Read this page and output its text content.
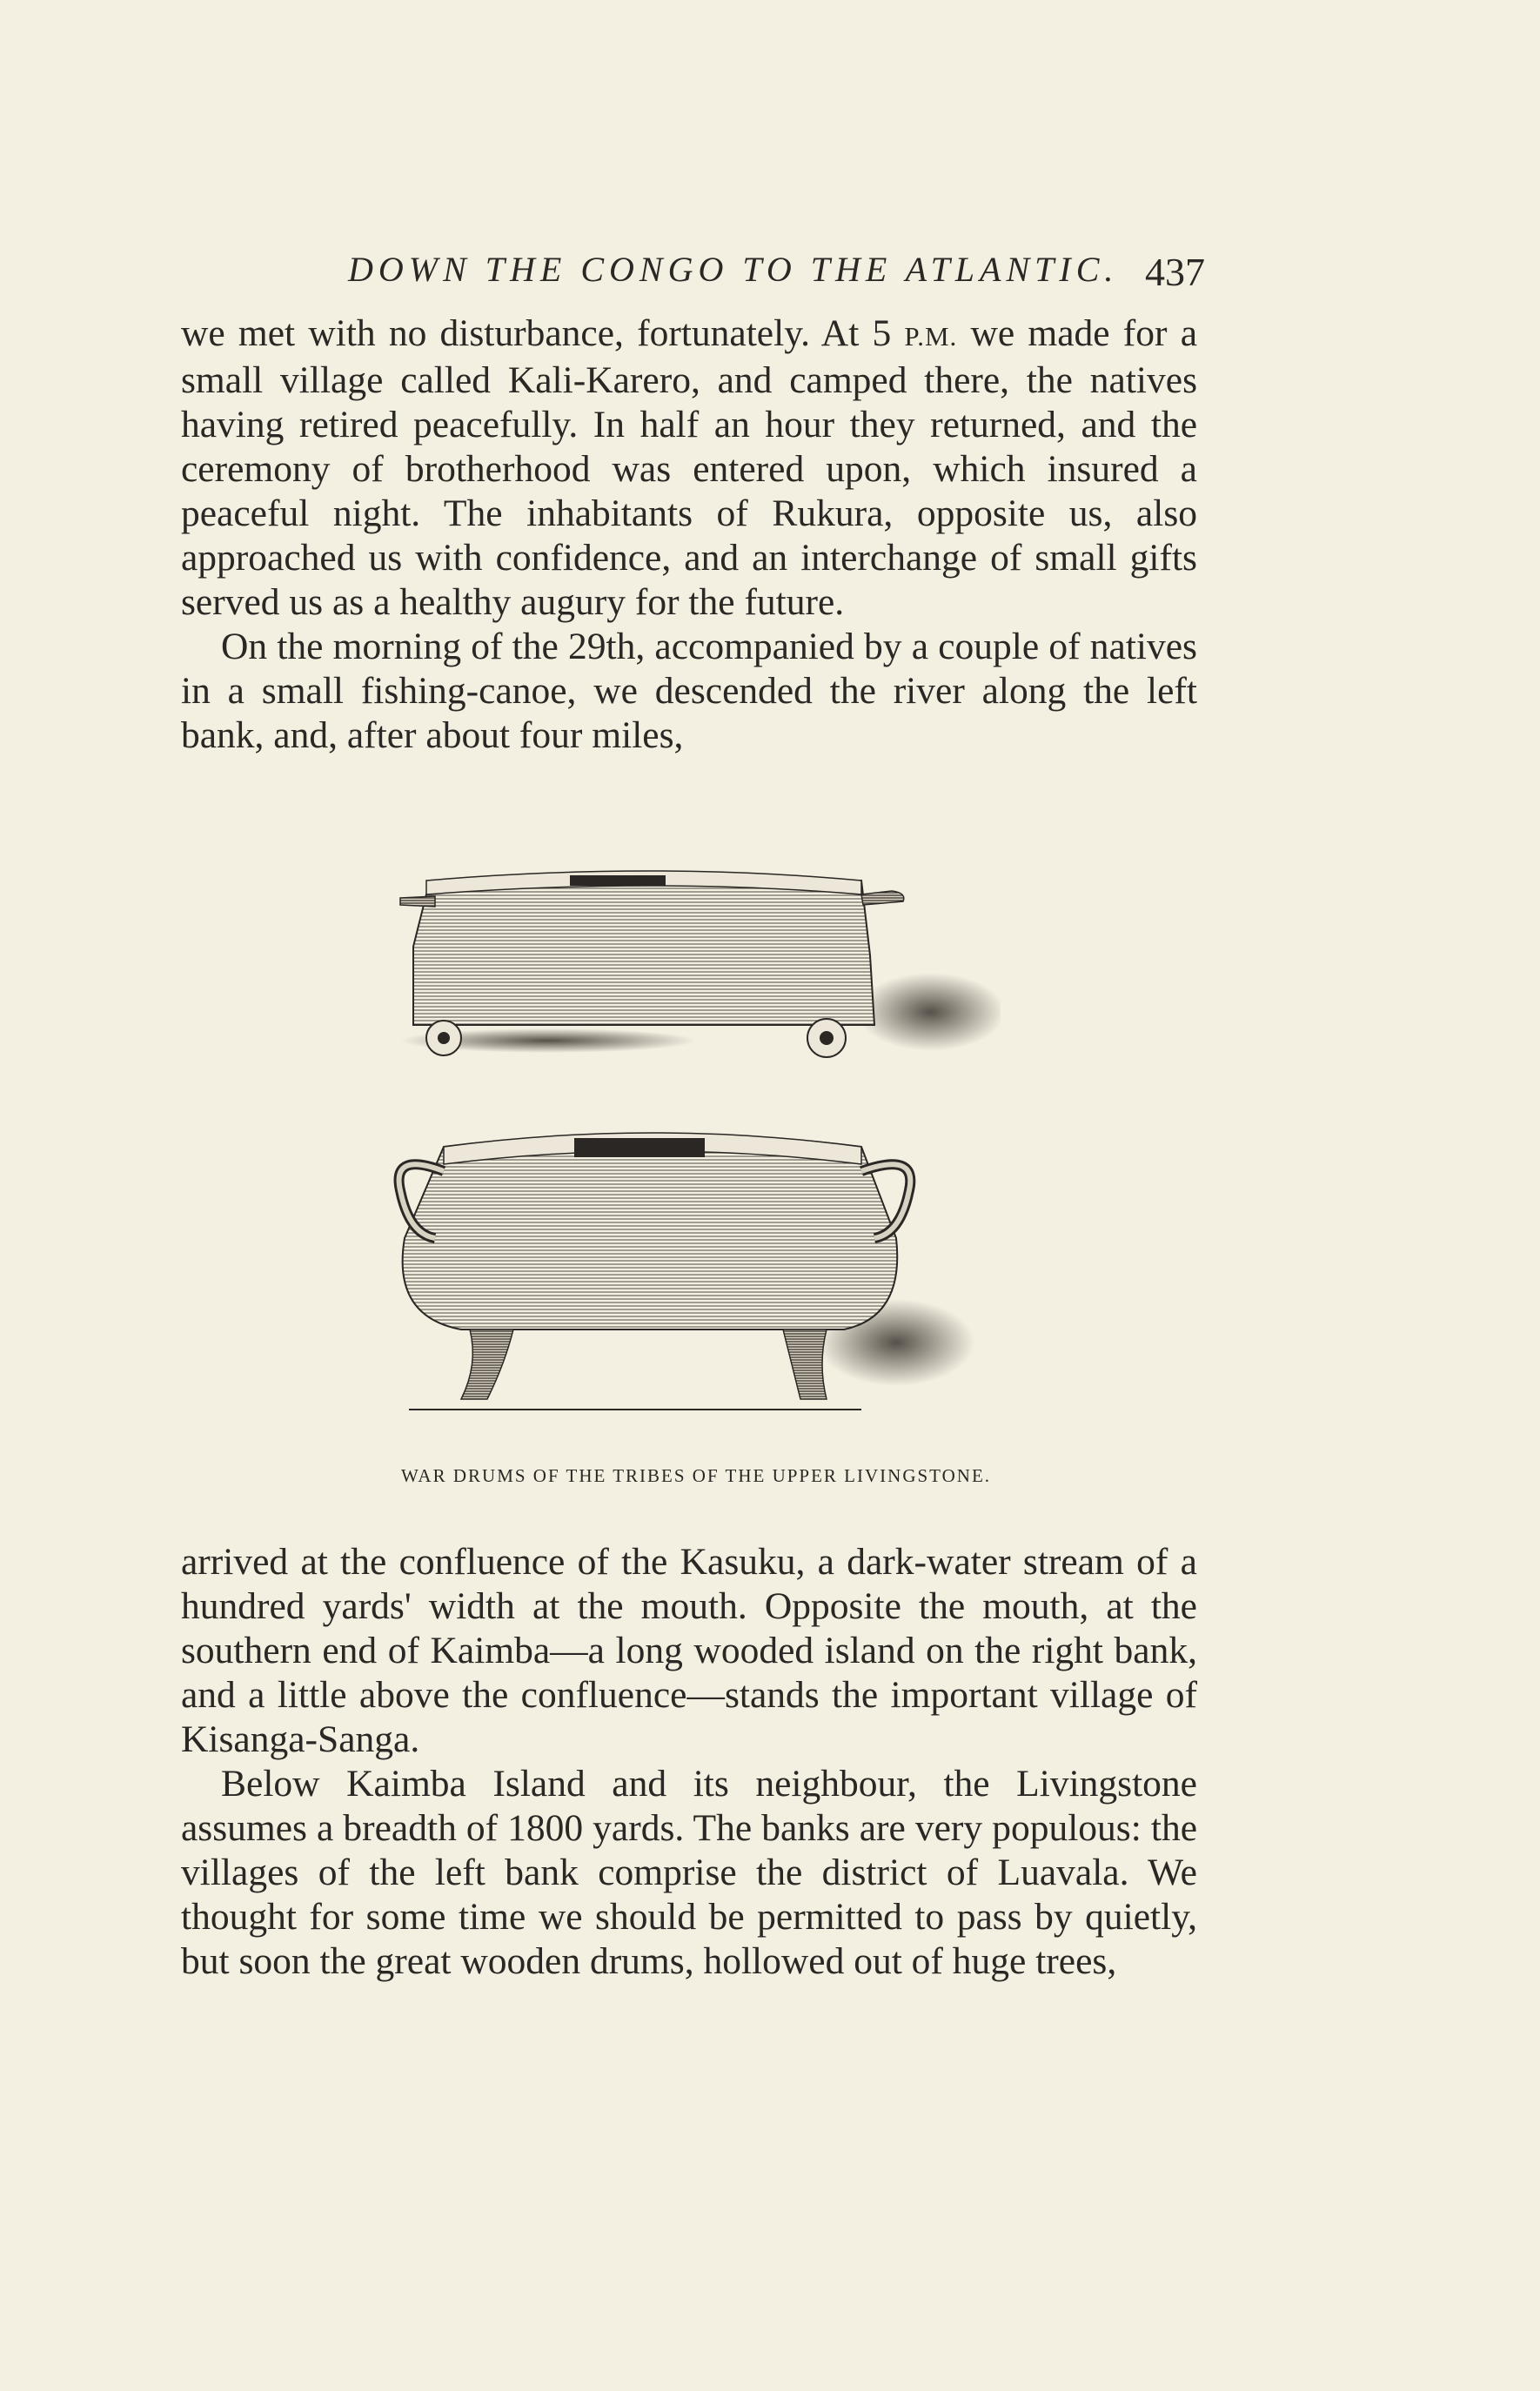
DOWN THE CONGO TO THE ATLANTIC. 437

we met with no disturbance, fortunately. At 5 P.M. we made for a small village called Kali-Karero, and camped there, the natives having retired peacefully. In half an hour they returned, and the ceremony of brotherhood was entered upon, which insured a peaceful night. The inhabitants of Rukura, opposite us, also approached us with confidence, and an interchange of small gifts served us as a healthy augury for the future.

On the morning of the 29th, accompanied by a couple of natives in a small fishing-canoe, we descended the river along the left bank, and, after about four miles,

WAR DRUMS OF THE TRIBES OF THE UPPER LIVINGSTONE.

arrived at the confluence of the Kasuku, a dark-water stream of a hundred yards' width at the mouth. Opposite the mouth, at the southern end of Kaimba—a long wooded island on the right bank, and a little above the confluence—stands the important village of Kisanga-Sanga.

Below Kaimba Island and its neighbour, the Livingstone assumes a breadth of 1800 yards. The banks are very populous: the villages of the left bank comprise the district of Luavala. We thought for some time we should be permitted to pass by quietly, but soon the great wooden drums, hollowed out of huge trees,
